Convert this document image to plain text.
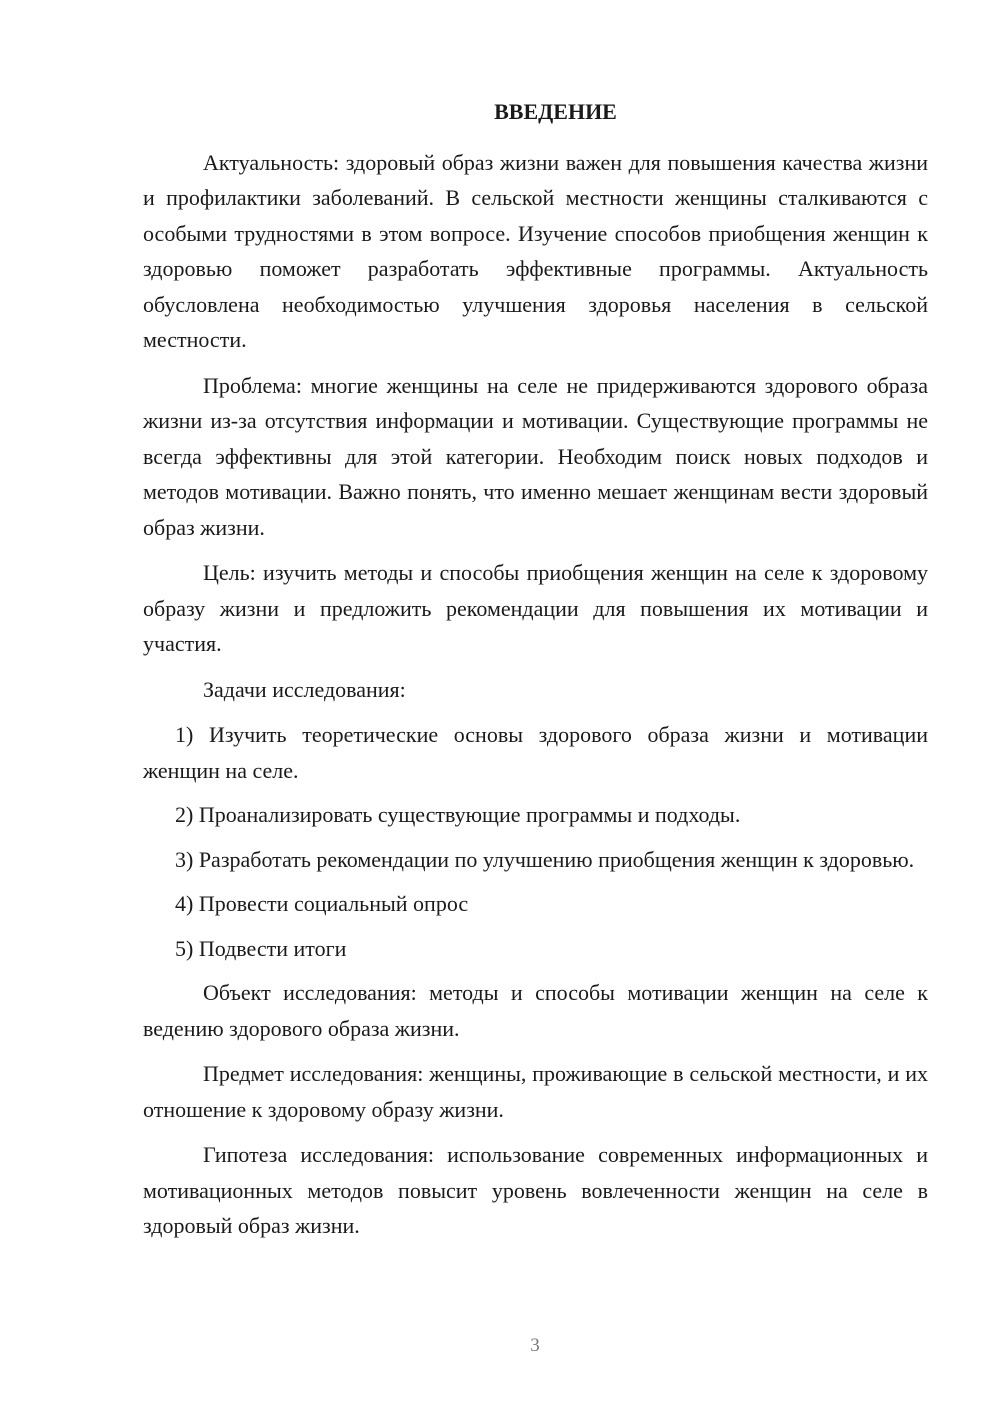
ВВЕДЕНИЕ

Актуальность: здоровый образ жизни важен для повышения качества жизни и профилактики заболеваний. В сельской местности женщины сталкиваются с особыми трудностями в этом вопросе. Изучение способов приобщения женщин к здоровью поможет разработать эффективные программы. Актуальность обусловлена необходимостью улучшения здоровья населения в сельской местности.

Проблема: многие женщины на селе не придерживаются здорового образа жизни из-за отсутствия информации и мотивации. Существующие программы не всегда эффективны для этой категории. Необходим поиск новых подходов и методов мотивации. Важно понять, что именно мешает женщинам вести здоровый образ жизни.

Цель: изучить методы и способы приобщения женщин на селе к здоровому образу жизни и предложить рекомендации для повышения их мотивации и участия.

Задачи исследования:

1) Изучить теоретические основы здорового образа жизни и мотивации женщин на селе.

2) Проанализировать существующие программы и подходы.

3) Разработать рекомендации по улучшению приобщения женщин к здоровью.

4) Провести социальный опрос

5) Подвести итоги

Объект исследования: методы и способы мотивации женщин на селе к ведению здорового образа жизни.

Предмет исследования: женщины, проживающие в сельской местности, и их отношение к здоровому образу жизни.

Гипотеза исследования: использование современных информационных и мотивационных методов повысит уровень вовлеченности женщин на селе в здоровый образ жизни.

3
